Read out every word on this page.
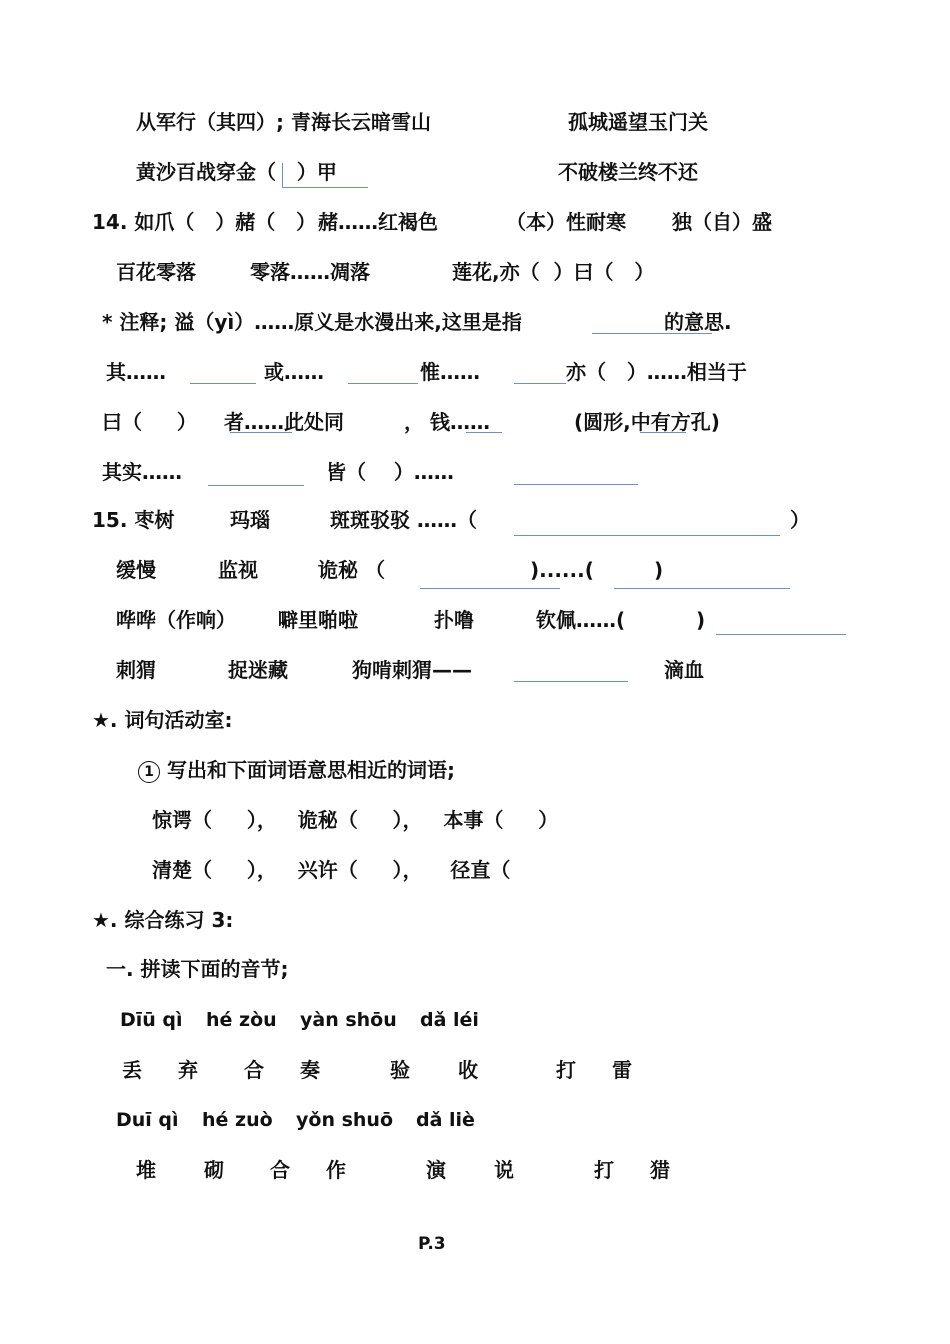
从军行（其四）; 青海长云暗雪山	孤城遥望玉门关
黄沙百战穿金（   ）甲	不破楼兰终不还
14. 如爪（   ）赭（   ） 赭……红褐色	（本）性耐寒 独（自）盛
百花零落	零落……凋落	莲花,亦（  ）曰（   ）
* 注释; 溢（yì）……原义是水漫出来,这里是指	的意思.
其……	或……	惟……	亦（   ）……相当于
曰（     ） 者……此处同	， 钱……	(圆形,中有方孔)
其实……	皆（    ）……
15. 枣树	玛瑙	斑斑驳驳 ……（	）
缓慢	监视	诡秘 （	)......(	)
哗哗（作响） 噼里啪啦	扑噜	钦佩……(	)
刺猬	捉迷藏	狗啃刺猬——	滴血
★. 词句活动室:
1 写出和下面词语意思相近的词语;
惊谔（     ），   诡秘（     ），   本事（     ）
清楚（     ），   兴许（     ），    径直（
★. 综合练习 3:
一. 拼读下面的音节;
Dīū qì hé zòu yàn shōu dǎ léi
丢 弃 合 奏	验 收	打 雷
Duī qì hé zuò yǒn shuō dǎ liè
堆 砌 合 作	演 说	打 猎
P.3
